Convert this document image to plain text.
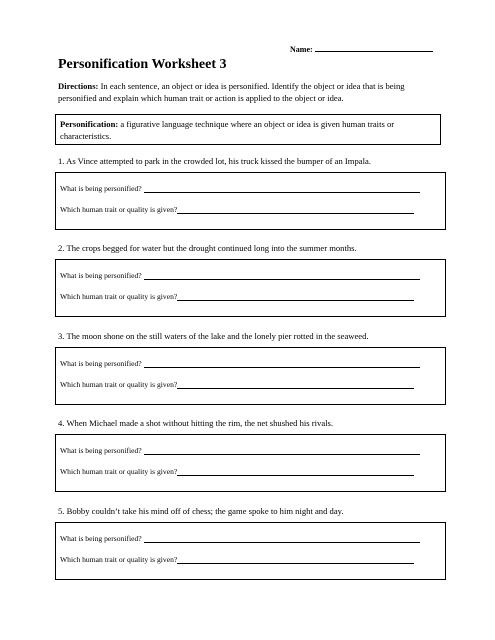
Name:
Personification Worksheet 3
Directions: In each sentence, an object or idea is personified. Identify the object or idea that is being personified and explain which human trait or action is applied to the object or idea.
Personification: a figurative language technique where an object or idea is given human traits or characteristics.
1. As Vince attempted to park in the crowded lot, his truck kissed the bumper of an Impala.
What is being personified?
Which human trait or quality is given?
2. The crops begged for water but the drought continued long into the summer months.
What is being personified?
Which human trait or quality is given?
3. The moon shone on the still waters of the lake and the lonely pier rotted in the seaweed.
What is being personified?
Which human trait or quality is given?
4. When Michael made a shot without hitting the rim, the net shushed his rivals.
What is being personified?
Which human trait or quality is given?
5. Bobby couldn’t take his mind off of chess; the game spoke to him night and day.
What is being personified?
Which human trait or quality is given?
